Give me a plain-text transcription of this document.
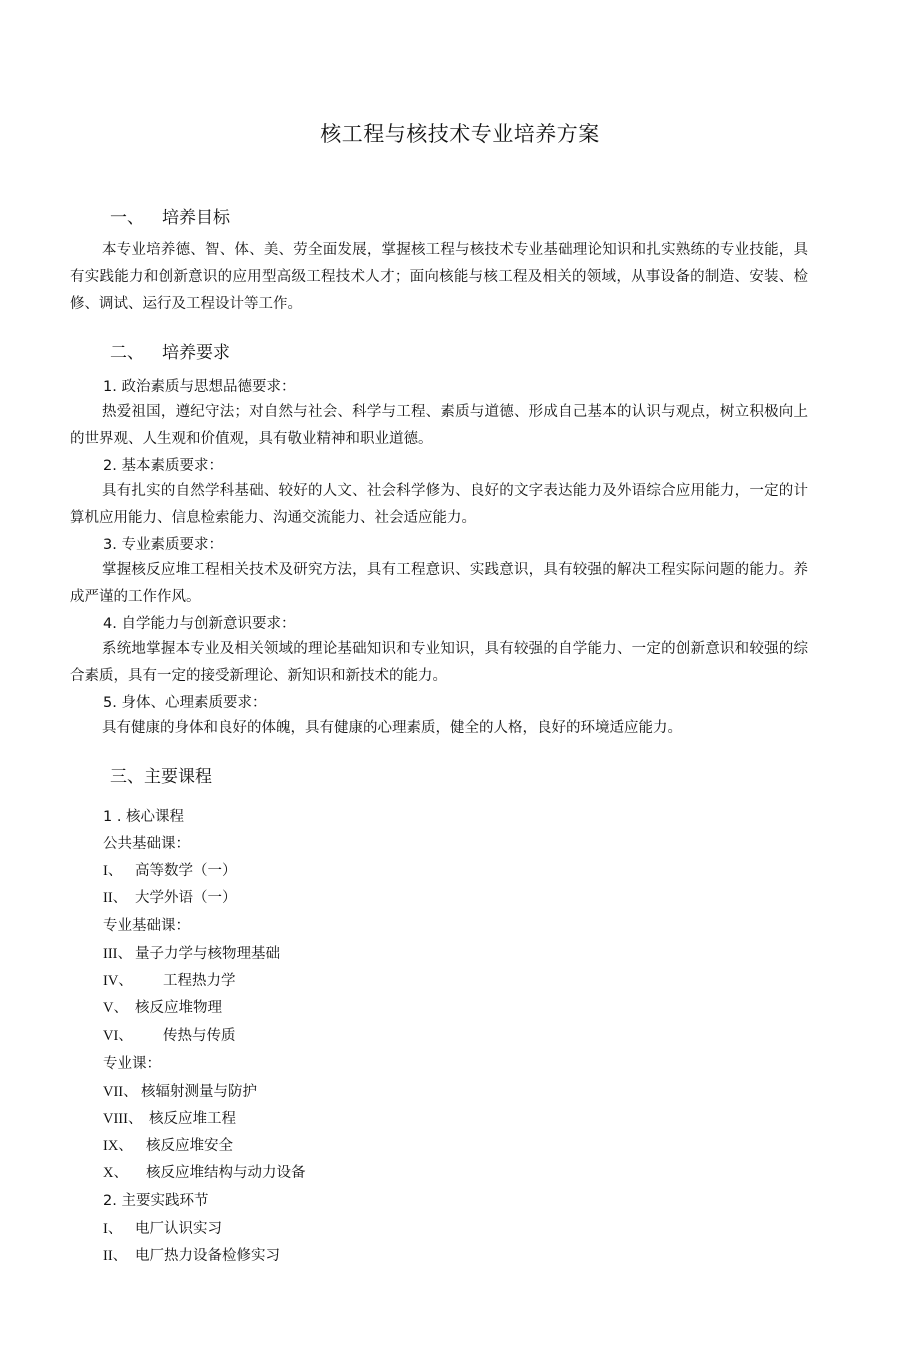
核工程与核技术专业培养方案
一、 培养目标
本专业培养德、智、体、美、劳全面发展，掌握核工程与核技术专业基础理论知识和扎实熟练的专业技能，具有实践能力和创新意识的应用型高级工程技术人才；面向核能与核工程及相关的领域，从事设备的制造、安装、检修、调试、运行及工程设计等工作。
二、 培养要求
1. 政治素质与思想品德要求：
热爱祖国，遵纪守法；对自然与社会、科学与工程、素质与道德、形成自己基本的认识与观点，树立积极向上的世界观、人生观和价值观，具有敬业精神和职业道德。
2. 基本素质要求：
具有扎实的自然学科基础、较好的人文、社会科学修为、良好的文字表达能力及外语综合应用能力，一定的计算机应用能力、信息检索能力、沟通交流能力、社会适应能力。
3. 专业素质要求：
掌握核反应堆工程相关技术及研究方法，具有工程意识、实践意识，具有较强的解决工程实际问题的能力。养成严谨的工作作风。
4. 自学能力与创新意识要求：
系统地掌握本专业及相关领域的理论基础知识和专业知识，具有较强的自学能力、一定的创新意识和较强的综合素质，具有一定的接受新理论、新知识和新技术的能力。
5. 身体、心理素质要求：
具有健康的身体和良好的体魄，具有健康的心理素质，健全的人格，良好的环境适应能力。
三、主要课程
1 . 核心课程
公共基础课：
I、 高等数学（一）
II、 大学外语（一）
专业基础课：
III、 量子力学与核物理基础
IV、 工程热力学
V、 核反应堆物理
VI、 传热与传质
专业课：
VII、 核辐射测量与防护
VIII、 核反应堆工程
IX、 核反应堆安全
X、 核反应堆结构与动力设备
2. 主要实践环节
I、 电厂认识实习
II、 电厂热力设备检修实习
